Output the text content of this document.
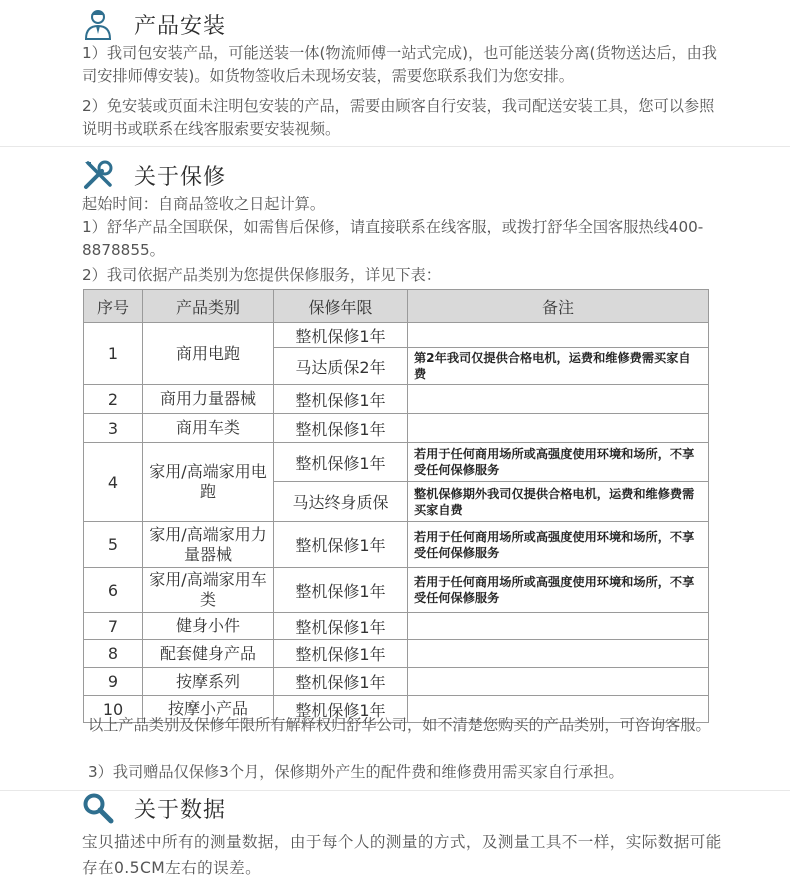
产品安装
1）我司包安装产品，可能送装一体(物流师傅一站式完成)，也可能送装分离(货物送达后，由我司安排师傅安装)。如货物签收后未现场安装，需要您联系我们为您安排。
2）免安装或页面未注明包安装的产品，需要由顾客自行安装，我司配送安装工具，您可以参照说明书或联系在线客服索要安装视频。
关于保修
起始时间：自商品签收之日起计算。
1）舒华产品全国联保，如需售后保修，请直接联系在线客服，或拨打舒华全国客服热线400-8878855。
2）我司依据产品类别为您提供保修服务，详见下表：
序号	产品类别	保修年限	备注
1	商用电跑	整机保修1年	
		马达质保2年	第2年我司仅提供合格电机，运费和维修费需买家自费
2	商用力量器械	整机保修1年	
3	商用车类	整机保修1年	
4	家用/高端家用电跑	整机保修1年	若用于任何商用场所或高强度使用环境和场所，不享受任何保修服务
		马达终身质保	整机保修期外我司仅提供合格电机，运费和维修费需买家自费
5	家用/高端家用力量器械	整机保修1年	若用于任何商用场所或高强度使用环境和场所，不享受任何保修服务
6	家用/高端家用车类	整机保修1年	若用于任何商用场所或高强度使用环境和场所，不享受任何保修服务
7	健身小件	整机保修1年	
8	配套健身产品	整机保修1年	
9	按摩系列	整机保修1年	
10	按摩小产品	整机保修1年	
以上产品类别及保修年限所有解释权归舒华公司，如不清楚您购买的产品类别，可咨询客服。
3）我司赠品仅保修3个月，保修期外产生的配件费和维修费用需买家自行承担。
关于数据
宝贝描述中所有的测量数据，由于每个人的测量的方式，及测量工具不一样，实际数据可能存在0.5CM左右的误差。
